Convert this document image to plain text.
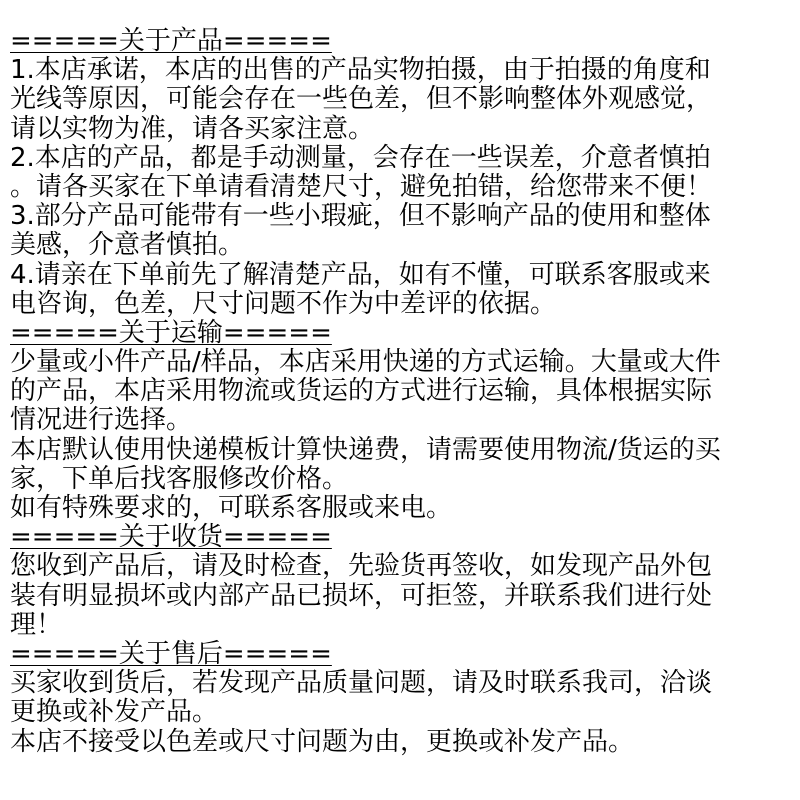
=====关于产品=====
1.本店承诺，本店的出售的产品实物拍摄，由于拍摄的角度和
光线等原因，可能会存在一些色差，但不影响整体外观感觉，
请以实物为准，请各买家注意。
2.本店的产品，都是手动测量，会存在一些误差，介意者慎拍
。请各买家在下单请看清楚尺寸，避免拍错，给您带来不便！
3.部分产品可能带有一些小瑕疵，但不影响产品的使用和整体
美感，介意者慎拍。
4.请亲在下单前先了解清楚产品，如有不懂，可联系客服或来
电咨询，色差，尺寸问题不作为中差评的依据。
=====关于运输=====
少量或小件产品/样品，本店采用快递的方式运输。大量或大件
的产品，本店采用物流或货运的方式进行运输，具体根据实际
情况进行选择。
本店默认使用快递模板计算快递费，请需要使用物流/货运的买
家，下单后找客服修改价格。
如有特殊要求的，可联系客服或来电。
=====关于收货=====
您收到产品后，请及时检查，先验货再签收，如发现产品外包
装有明显损坏或内部产品已损坏，可拒签，并联系我们进行处
理！
=====关于售后=====
买家收到货后，若发现产品质量问题，请及时联系我司，洽谈
更换或补发产品。
本店不接受以色差或尺寸问题为由，更换或补发产品。
